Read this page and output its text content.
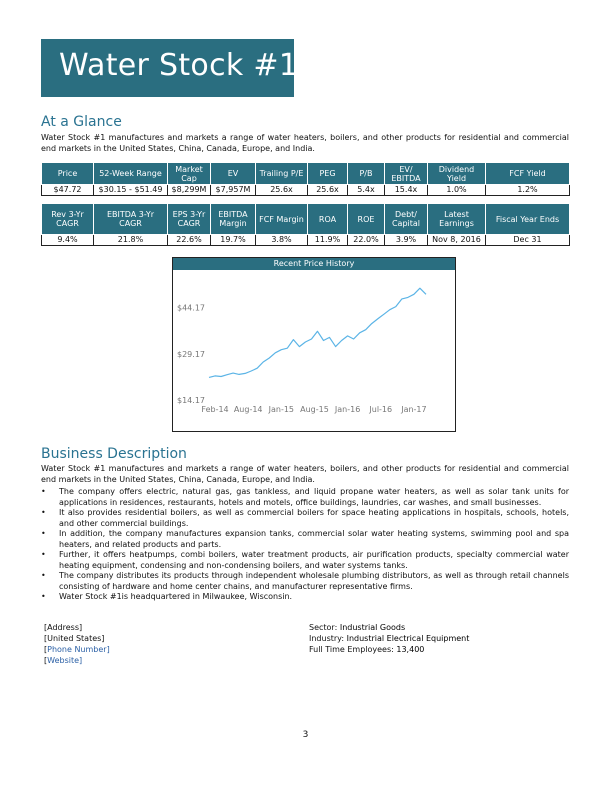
Water Stock #1
At a Glance
Water Stock #1 manufactures and markets a range of water heaters, boilers, and other products for residential and commercial end markets in the United States, China, Canada, Europe, and India.
Price	52-Week Range	Market Cap	EV	Trailing P/E	PEG	P/B	EV/ EBITDA	Dividend Yield	FCF Yield
$47.72	$30.15 - $51.49	$8,299M	$7,957M	25.6x	25.6x	5.4x	15.4x	1.0%	1.2%
Rev 3-Yr CAGR	EBITDA 3-Yr CAGR	EPS 3-Yr CAGR	EBITDA Margin	FCF Margin	ROA	ROE	Debt/ Capital	Latest Earnings	Fiscal Year Ends
9.4%	21.8%	22.6%	19.7%	3.8%	11.9%	22.0%	3.9%	Nov 8, 2016	Dec 31
Recent Price History
$14.17
$29.17
$44.17
Feb-14 Aug-14 Jan-15 Aug-15 Jan-16 Jul-16 Jan-17
Business Description
Water Stock #1 manufactures and markets a range of water heaters, boilers, and other products for residential and commercial end markets in the United States, China, Canada, Europe, and India.
• The company offers electric, natural gas, gas tankless, and liquid propane water heaters, as well as solar tank units for applications in residences, restaurants, hotels and motels, office buildings, laundries, car washes, and small businesses.
• It also provides residential boilers, as well as commercial boilers for space heating applications in hospitals, schools, hotels, and other commercial buildings.
• In addition, the company manufactures expansion tanks, commercial solar water heating systems, swimming pool and spa heaters, and related products and parts.
• Further, it offers heatpumps, combi boilers, water treatment products, air purification products, specialty commercial water heating equipment, condensing and non-condensing boilers, and water systems tanks.
• The company distributes its products through independent wholesale plumbing distributors, as well as through retail channels consisting of hardware and home center chains, and manufacturer representative firms.
• Water Stock #1is headquartered in Milwaukee, Wisconsin.
[Address]
[United States]
[Phone Number]
[Website]
Sector: Industrial Goods
Industry: Industrial Electrical Equipment
Full Time Employees: 13,400
3
